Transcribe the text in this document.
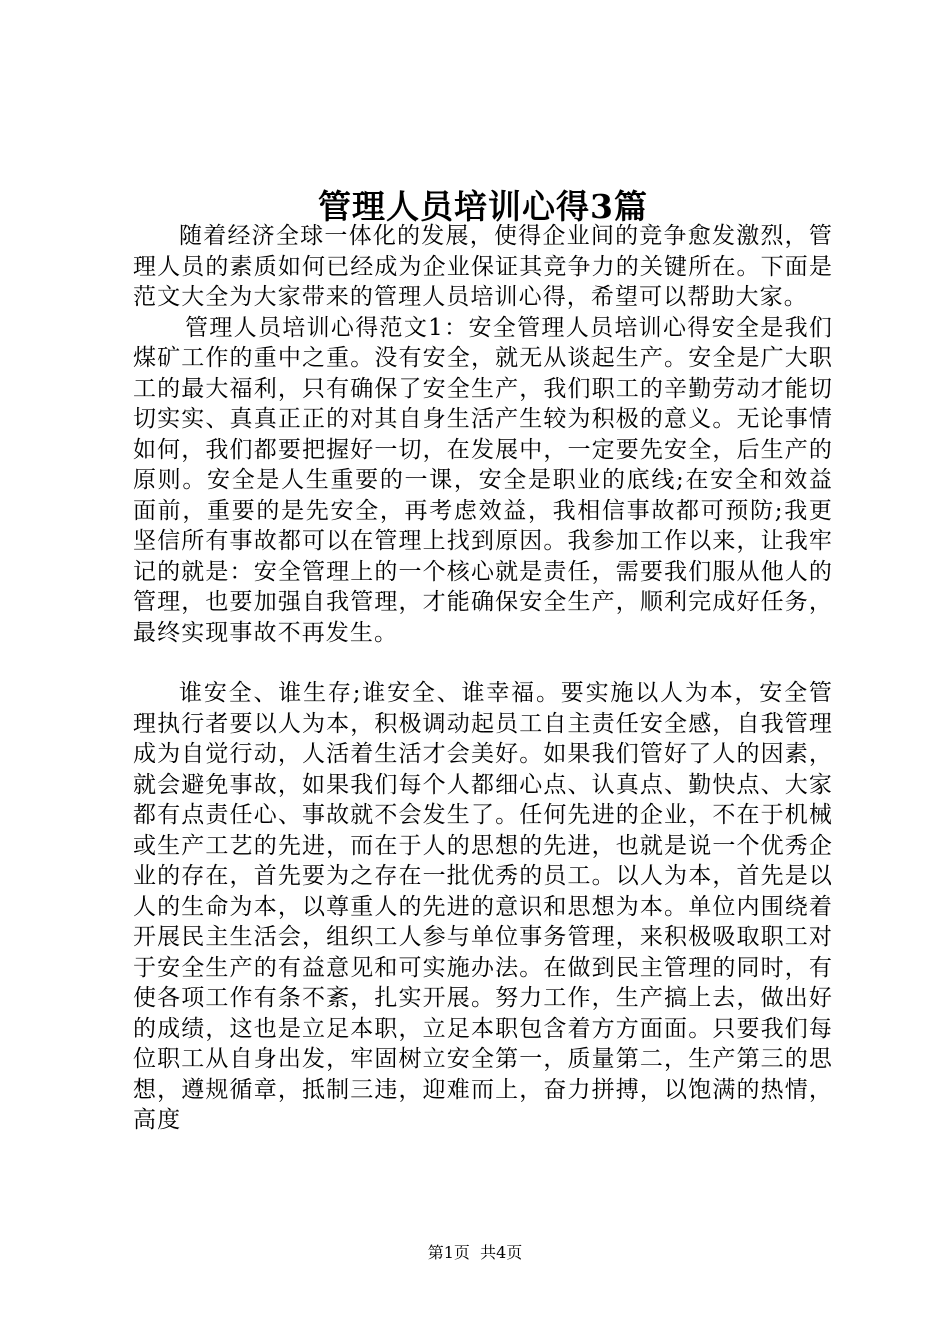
管理人员培训心得3篇

随着经济全球一体化的发展，使得企业间的竞争愈发激烈，管理人员的素质如何已经成为企业保证其竞争力的关键所在。下面是范文大全为大家带来的管理人员培训心得，希望可以帮助大家。

管理人员培训心得范文1：安全管理人员培训心得安全是我们煤矿工作的重中之重。没有安全，就无从谈起生产。安全是广大职工的最大福利，只有确保了安全生产，我们职工的辛勤劳动才能切切实实、真真正正的对其自身生活产生较为积极的意义。无论事情如何，我们都要把握好一切，在发展中，一定要先安全，后生产的原则。安全是人生重要的一课，安全是职业的底线;在安全和效益面前，重要的是先安全，再考虑效益，我相信事故都可预防;我更坚信所有事故都可以在管理上找到原因。我参加工作以来，让我牢记的就是：安全管理上的一个核心就是责任，需要我们服从他人的管理，也要加强自我管理，才能确保安全生产，顺利完成好任务，最终实现事故不再发生。

谁安全、谁生存;谁安全、谁幸福。要实施以人为本，安全管理执行者要以人为本，积极调动起员工自主责任安全感，自我管理成为自觉行动，人活着生活才会美好。如果我们管好了人的因素，就会避免事故，如果我们每个人都细心点、认真点、勤快点、大家都有点责任心、事故就不会发生了。任何先进的企业，不在于机械或生产工艺的先进，而在于人的思想的先进，也就是说一个优秀企业的存在，首先要为之存在一批优秀的员工。以人为本，首先是以人的生命为本，以尊重人的先进的意识和思想为本。单位内围绕着开展民主生活会，组织工人参与单位事务管理，来积极吸取职工对于安全生产的有益意见和可实施办法。在做到民主管理的同时，有使各项工作有条不紊，扎实开展。努力工作，生产搞上去，做出好的成绩，这也是立足本职，立足本职包含着方方面面。只要我们每位职工从自身出发，牢固树立安全第一，质量第二，生产第三的思想，遵规循章，抵制三违，迎难而上，奋力拼搏，以饱满的热情，高度

第1页  共4页
